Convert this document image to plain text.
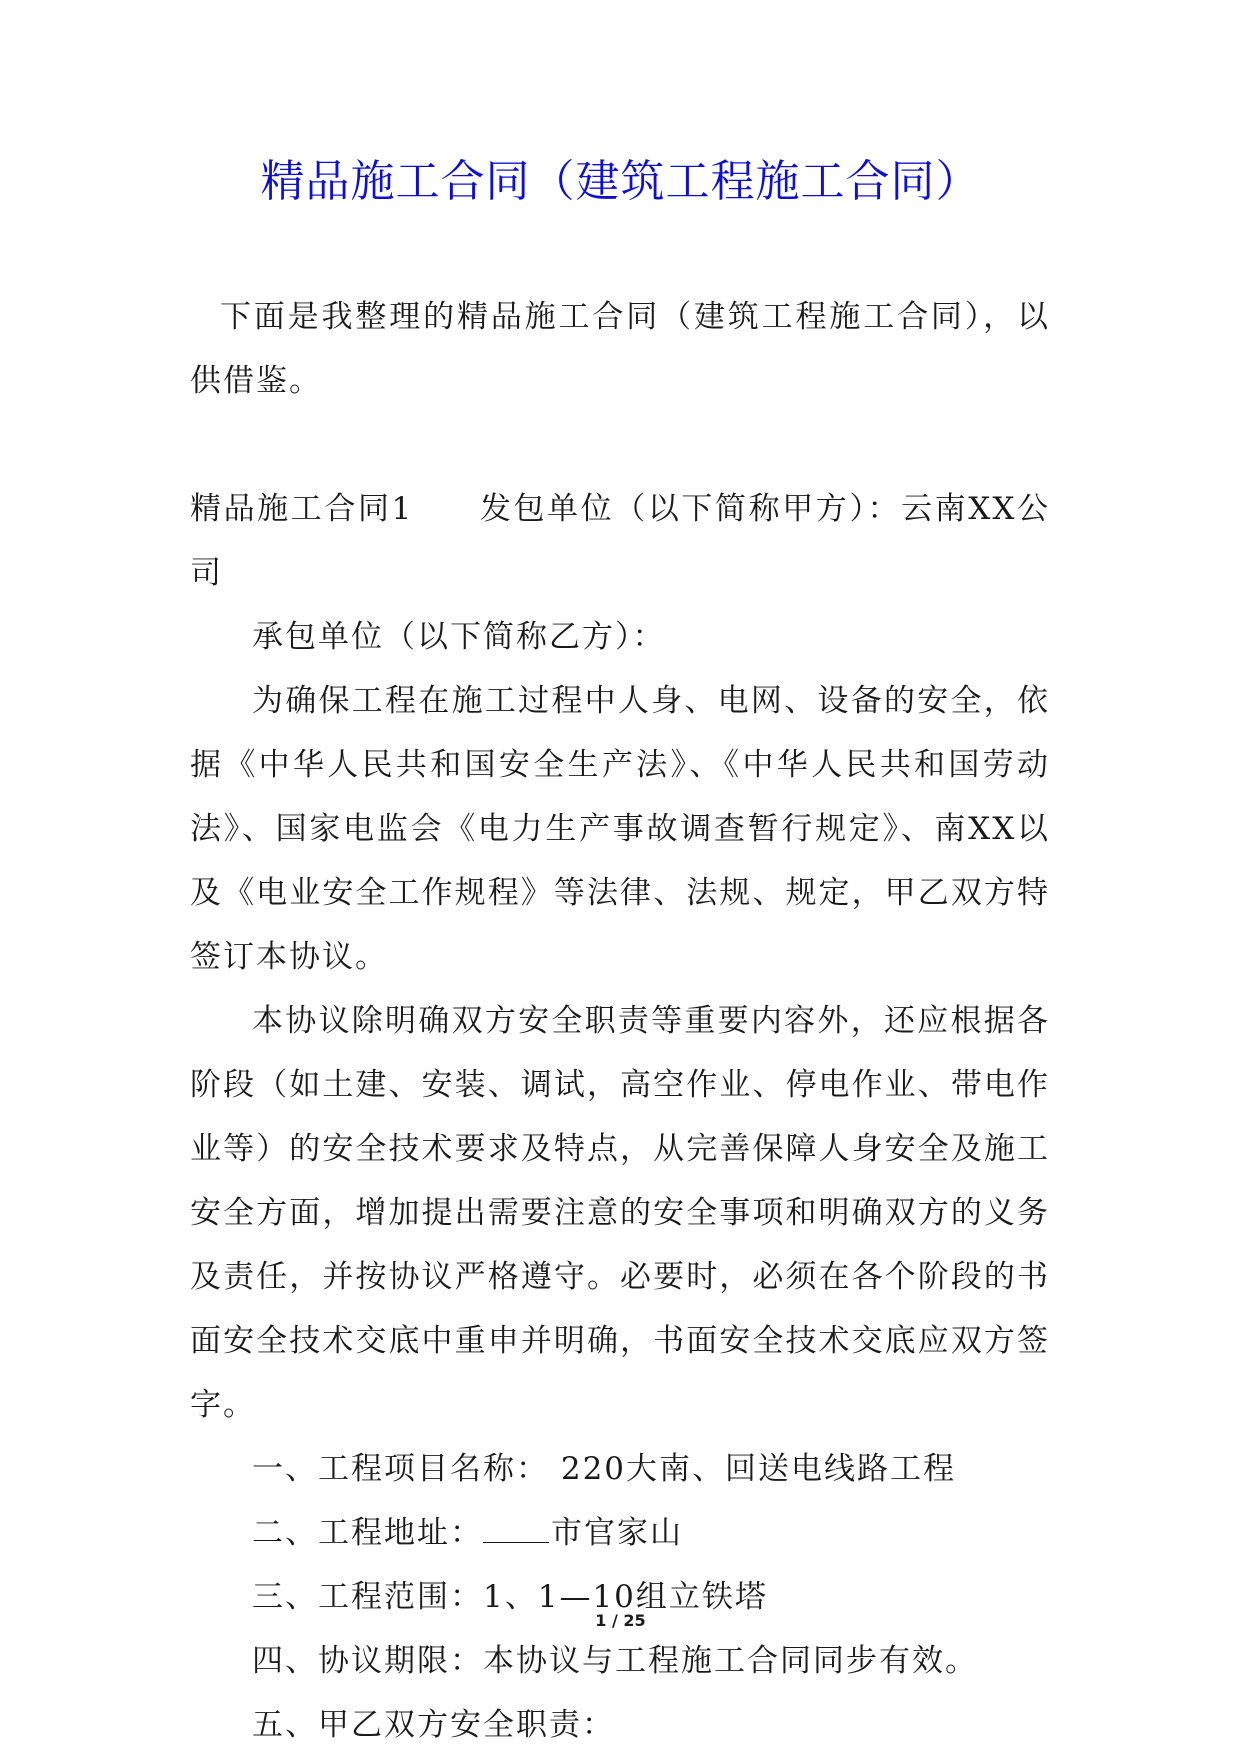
精品施工合同（建筑工程施工合同）

下面是我整理的精品施工合同（建筑工程施工合同），以供借鉴。

精品施工合同1 发包单位（以下简称甲方）：云南XX公司

承包单位（以下简称乙方）：

为确保工程在施工过程中人身、电网、设备的安全，依据《中华人民共和国安全生产法》、《中华人民共和国劳动法》、国家电监会《电力生产事故调查暂行规定》、南XX以及《电业安全工作规程》等法律、法规、规定，甲乙双方特签订本协议。

本协议除明确双方安全职责等重要内容外，还应根据各阶段（如土建、安装、调试，高空作业、停电作业、带电作业等）的安全技术要求及特点，从完善保障人身安全及施工安全方面，增加提出需要注意的安全事项和明确双方的义务及责任，并按协议严格遵守。必要时，必须在各个阶段的书面安全技术交底中重申并明确，书面安全技术交底应双方签字。

一、工程项目名称： 220大南、回送电线路工程

二、工程地址： 市官家山

三、工程范围：1、1—10组立铁塔

四、协议期限：本协议与工程施工合同同步有效。

五、甲乙双方安全职责：

1 / 25
